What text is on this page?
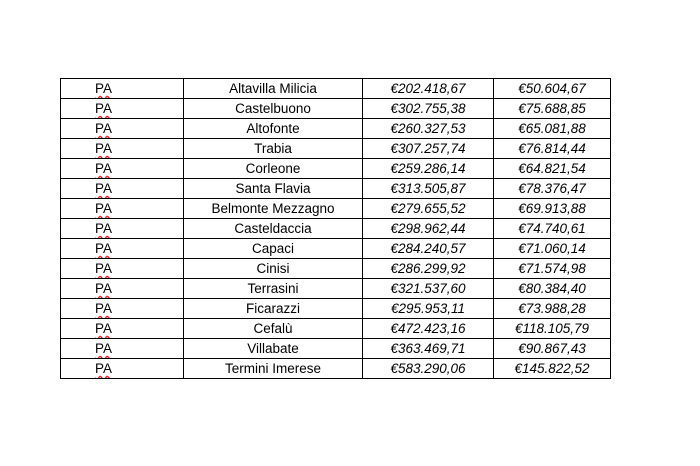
PA	Altavilla Milicia	€202.418,67	€50.604,67
PA	Castelbuono	€302.755,38	€75.688,85
PA	Altofonte	€260.327,53	€65.081,88
PA	Trabia	€307.257,74	€76.814,44
PA	Corleone	€259.286,14	€64.821,54
PA	Santa Flavia	€313.505,87	€78.376,47
PA	Belmonte Mezzagno	€279.655,52	€69.913,88
PA	Casteldaccia	€298.962,44	€74.740,61
PA	Capaci	€284.240,57	€71.060,14
PA	Cinisi	€286.299,92	€71.574,98
PA	Terrasini	€321.537,60	€80.384,40
PA	Ficarazzi	€295.953,11	€73.988,28
PA	Cefalù	€472.423,16	€118.105,79
PA	Villabate	€363.469,71	€90.867,43
PA	Termini Imerese	€583.290,06	€145.822,52
